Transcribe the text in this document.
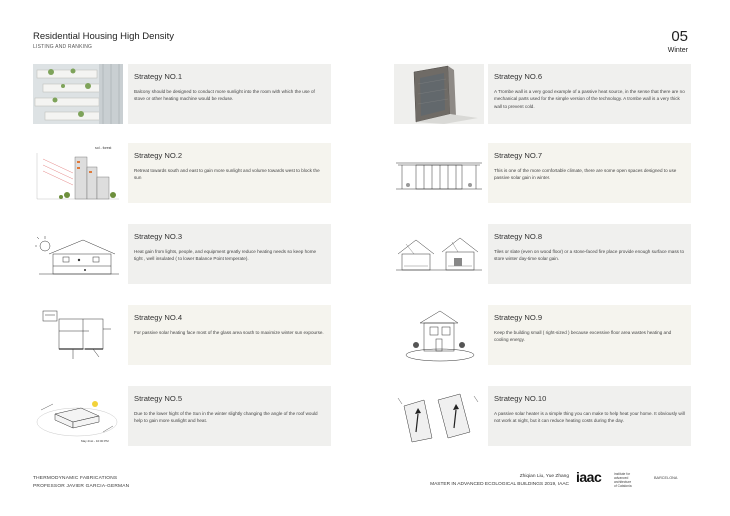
Residential Housing High Density
LISTING AND RANKING
05
Winter
Strategy NO.1
Balcony should be designed to conduct more sunlight into the room with which the use of stove or other heating machine would be reduse.
sol - forest
Strategy NO.2
Retreat towards south and east to gain more sunlight and volume towards west to block the sun
Strategy NO.3
Heat gain from lights, people, and equipment greatly reduce heating needs so keep home tight , well insulated ( to lower Balance Point temperate).
Strategy NO.4
For passive solar heating face most of the glass area south to maximize winter sun expourse.
May 21st - 10:00 PM
Strategy NO.5
Due to the lower hight of the Sun in the winter slightly changing the angle of the roof would help to gain more sunlight and heat.
Strategy NO.6
A Trombe wall is a very good example of a passive heat source, in the sense that there are no mechanical parts used for the simple version of the technology. A trombe wall is a very thick wall to prevent cold.
Strategy NO.7
This is one of the more comfortable climate, there are some open spaces designed to use passive solar gain in winter.
Strategy NO.8
Tiles or slate (even on wood floor) or a stone-faced fire place provide enough surface mass to store winter day-time solar gain.
Strategy NO.9
Keep the building small ( right-sized ) because excessive floor area wastes heating and cooling energy.
Strategy NO.10
A passive solar heater is a simple thing you can make to help heat your home. It obviously will not work at night, but it can reduce heating costs during the day.
THERMODYNAMIC FABRICATIONS
PROFESSOR JAVIER GARCIA-GERMAN
Zhiqian Liu, Yue Zhang
MASTER IN ADVANCED ECOLOGICAL BUILDINGS 2019, IAAC iaac	institute for
advanced
architecture
of Catalonia
BARCELONA
